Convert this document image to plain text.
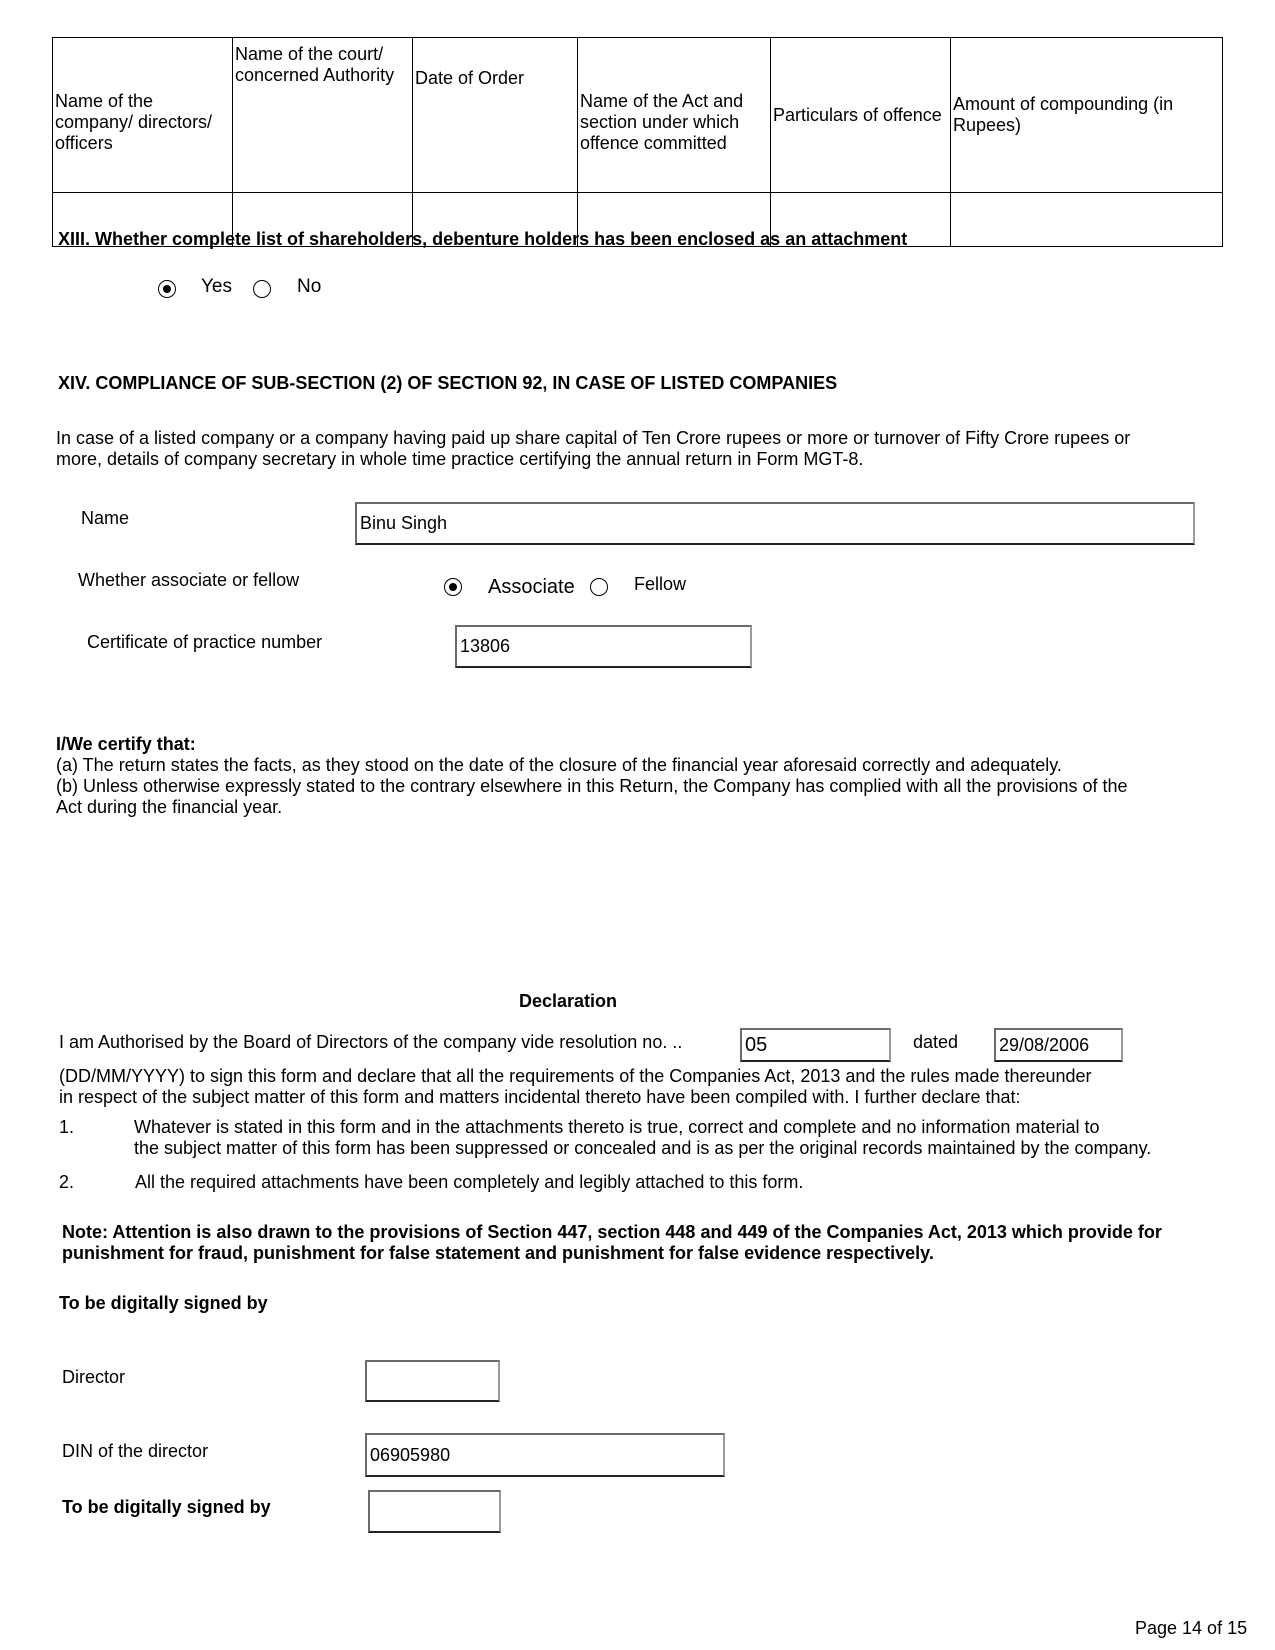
Name of the company/ directors/ officers	Name of the court/ concerned Authority	Date of Order	Name of the Act and section under which offence committed	Particulars of offence	Amount of compounding (in Rupees)

XIII. Whether complete list of shareholders, debenture holders has been enclosed as an attachment
Yes	No
XIV. COMPLIANCE OF SUB-SECTION (2) OF SECTION 92, IN CASE OF LISTED COMPANIES
In case of a listed company or a company having paid up share capital of Ten Crore rupees or more or turnover of Fifty Crore rupees or
more, details of company secretary in whole time practice certifying the annual return in Form MGT-8.
Name	Binu Singh
Whether associate or fellow	Associate	Fellow
Certificate of practice number	13806
I/We certify that:
(a) The return states the facts, as they stood on the date of the closure of the financial year aforesaid correctly and adequately.
(b) Unless otherwise expressly stated to the contrary elsewhere in this Return, the Company has complied with all the provisions of the
Act during the financial year.
Declaration
I am Authorised by the Board of Directors of the company vide resolution no. ..	05	dated 29/08/2006
(DD/MM/YYYY) to sign this form and declare that all the requirements of the Companies Act, 2013 and the rules made thereunder
in respect of the subject matter of this form and matters incidental thereto have been compiled with. I further declare that:
1.	Whatever is stated in this form and in the attachments thereto is true, correct and complete and no information material to
the subject matter of this form has been suppressed or concealed and is as per the original records maintained by the company.
2.	All the required attachments have been completely and legibly attached to this form.
Note: Attention is also drawn to the provisions of Section 447, section 448 and 449 of the Companies Act, 2013 which provide for
punishment for fraud, punishment for false statement and punishment for false evidence respectively.
To be digitally signed by
Director
DIN of the director	06905980
To be digitally signed by
Page 14 of 15
